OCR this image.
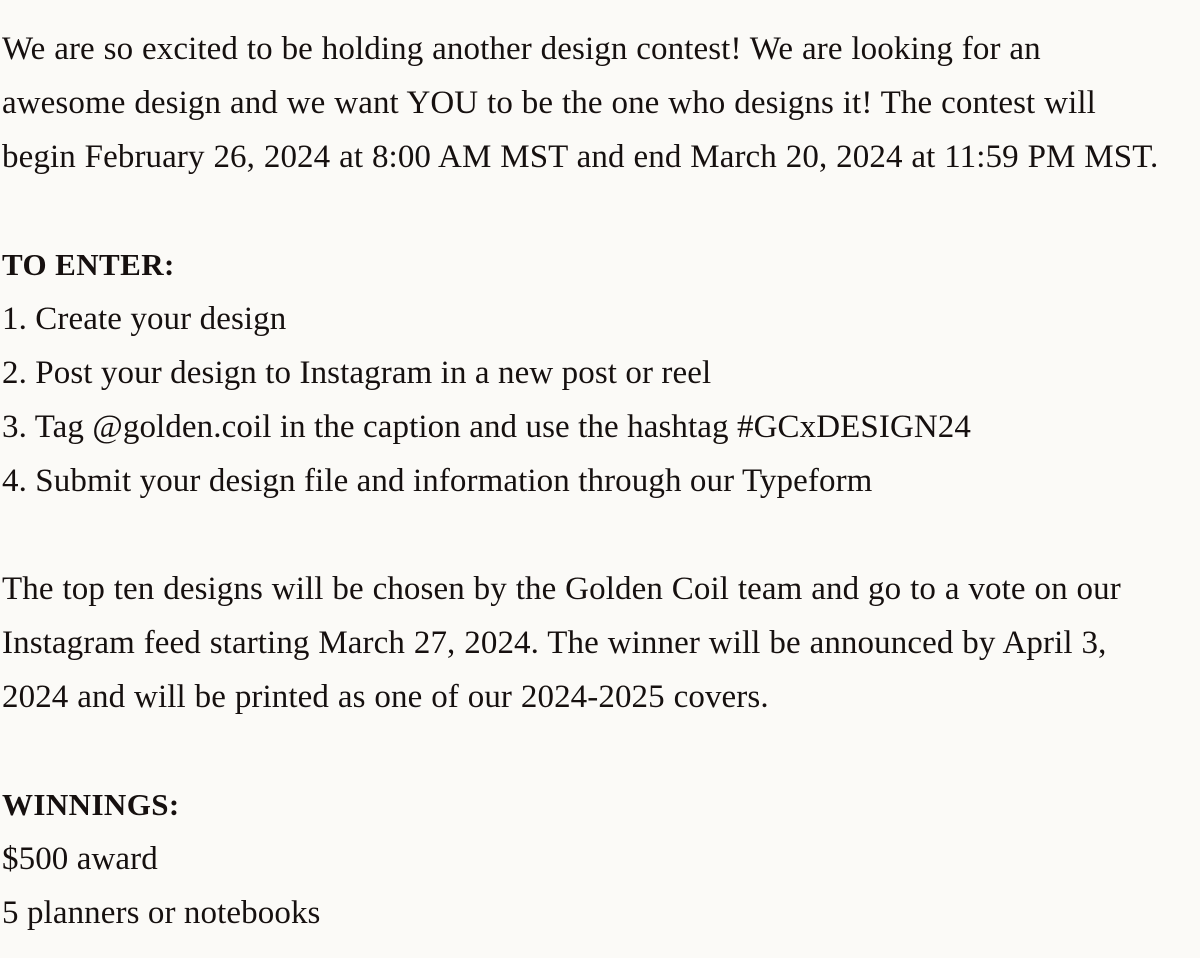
We are so excited to be holding another design contest! We are looking for an
awesome design and we want YOU to be the one who designs it! The contest will
begin February 26, 2024 at 8:00 AM MST and end March 20, 2024 at 11:59 PM MST.
TO ENTER:
1. Create your design
2. Post your design to Instagram in a new post or reel
3. Tag @golden.coil in the caption and use the hashtag #GCxDESIGN24
4. Submit your design file and information through our Typeform
The top ten designs will be chosen by the Golden Coil team and go to a vote on our
Instagram feed starting March 27, 2024. The winner will be announced by April 3,
2024 and will be printed as one of our 2024-2025 covers.
WINNINGS:
$500 award
5 planners or notebooks
